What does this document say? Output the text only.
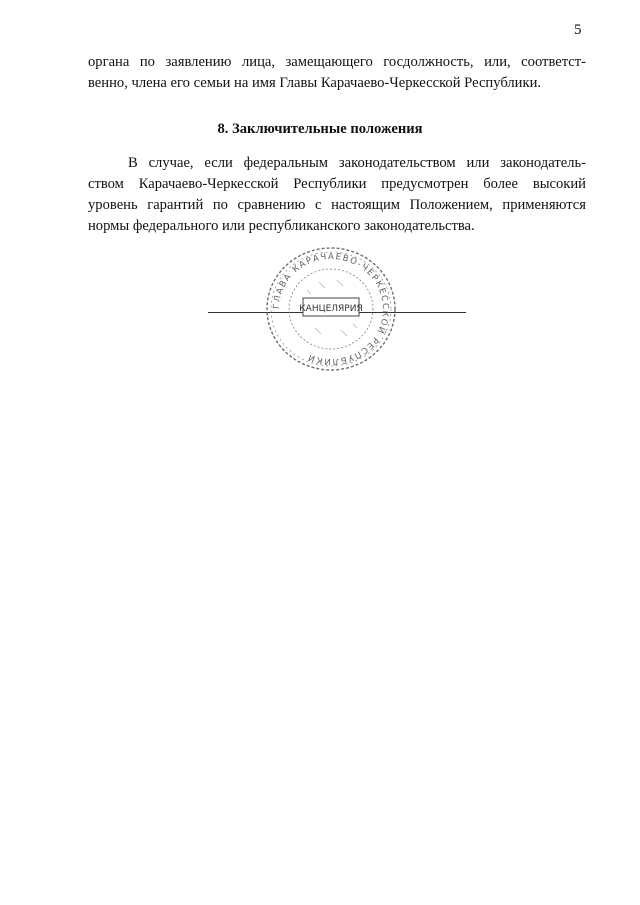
5
органа по заявлению лица, замещающего госдолжность, или, соответст-
венно, члена его семьи на имя Главы Карачаево-Черкесской Республики.
8. Заключительные положения
В случае, если федеральным законодательством или законодатель-
ством Карачаево-Черкесской Республики предусмотрен более высокий
уровень гарантий по сравнению с настоящим Положением, применяются
нормы федерального или республиканского законодательства.
ГЛАВА КАРАЧАЕВО-ЧЕРКЕССКОЙ РЕСПУБЛИКИ
КАНЦЕЛЯРИЯ
